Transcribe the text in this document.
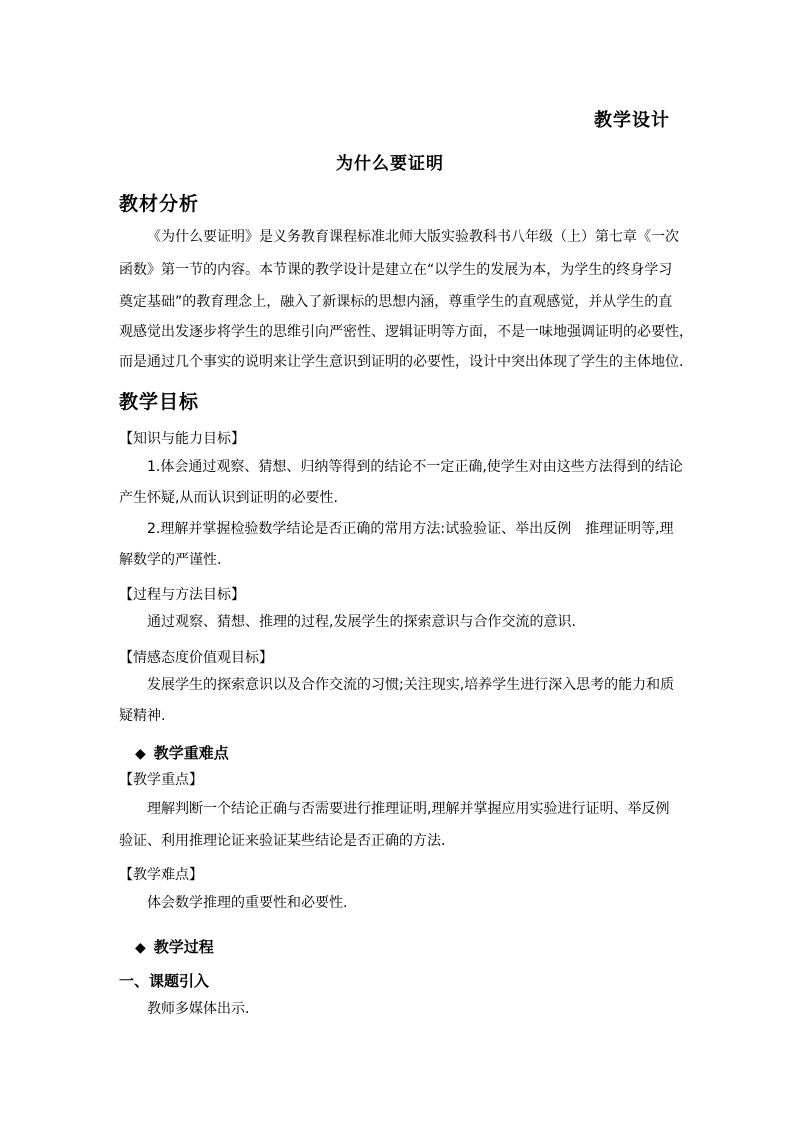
教学设计
为什么要证明
教材分析
《为什么要证明》是义务教育课程标准北师大版实验教科书八年级（上）第七章《一次
函数》第一节的内容。本节课的教学设计是建立在“以学生的发展为本，为学生的终身学习
奠定基础”的教育理念上，融入了新课标的思想内涵，尊重学生的直观感觉，并从学生的直
观感觉出发逐步将学生的思维引向严密性、逻辑证明等方面，不是一味地强调证明的必要性，
而是通过几个事实的说明来让学生意识到证明的必要性，设计中突出体现了学生的主体地位.
教学目标
【知识与能力目标】
1.体会通过观察、猜想、归纳等得到的结论不一定正确,使学生对由这些方法得到的结论
产生怀疑,从而认识到证明的必要性.
2.理解并掌握检验数学结论是否正确的常用方法:试验验证、举出反例　推理证明等,理
解数学的严谨性.
【过程与方法目标】
通过观察、猜想、推理的过程,发展学生的探索意识与合作交流的意识.
【情感态度价值观目标】
发展学生的探索意识以及合作交流的习惯;关注现实,培养学生进行深入思考的能力和质
疑精神.
◆ 教学重难点
【教学重点】
理解判断一个结论正确与否需要进行推理证明,理解并掌握应用实验进行证明、举反例
验证、利用推理论证来验证某些结论是否正确的方法.
【教学难点】
体会数学推理的重要性和必要性.
◆ 教学过程
一、课题引入
教师多媒体出示.
